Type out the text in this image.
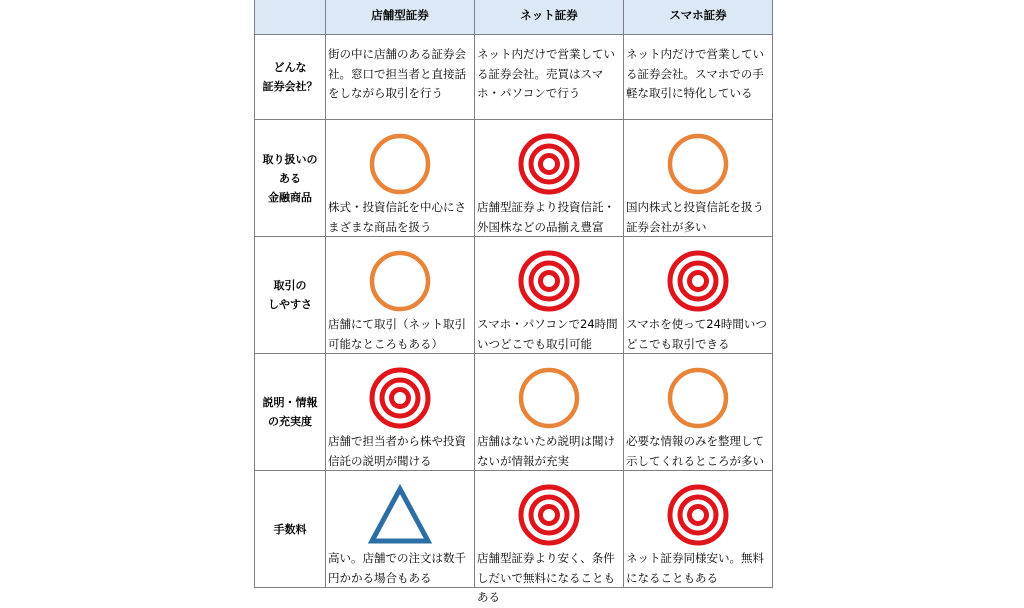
	店舗型証券	ネット証券	スマホ証券

どんな
証券会社？	街の中に店舗のある証券会社。窓口で担当者と直接話をしながら取引を行う	ネット内だけで営業している証券会社。売買はスマホ・パソコンで行う	ネット内だけで営業している証券会社。スマホでの手軽な取引に特化している

取り扱いの
ある
金融商品	株式・投資信託を中心にさまざまな商品を扱う	店舗型証券より投資信託・外国株などの品揃え豊富	国内株式と投資信託を扱う証券会社が多い

取引の
しやすさ	店舗にて取引（ネット取引可能なところもある）	スマホ・パソコンで24時間いつどこでも取引可能	スマホを使って24時間いつどこでも取引できる

説明・情報
の充実度	店舗で担当者から株や投資信託の説明が聞ける	店舗はないため説明は聞けないが情報が充実	必要な情報のみを整理して示してくれるところが多い

手数料	高い。店舗での注文は数千円かかる場合もある	店舗型証券より安く、条件しだいで無料になることもある	ネット証券同様安い。無料になることもある
